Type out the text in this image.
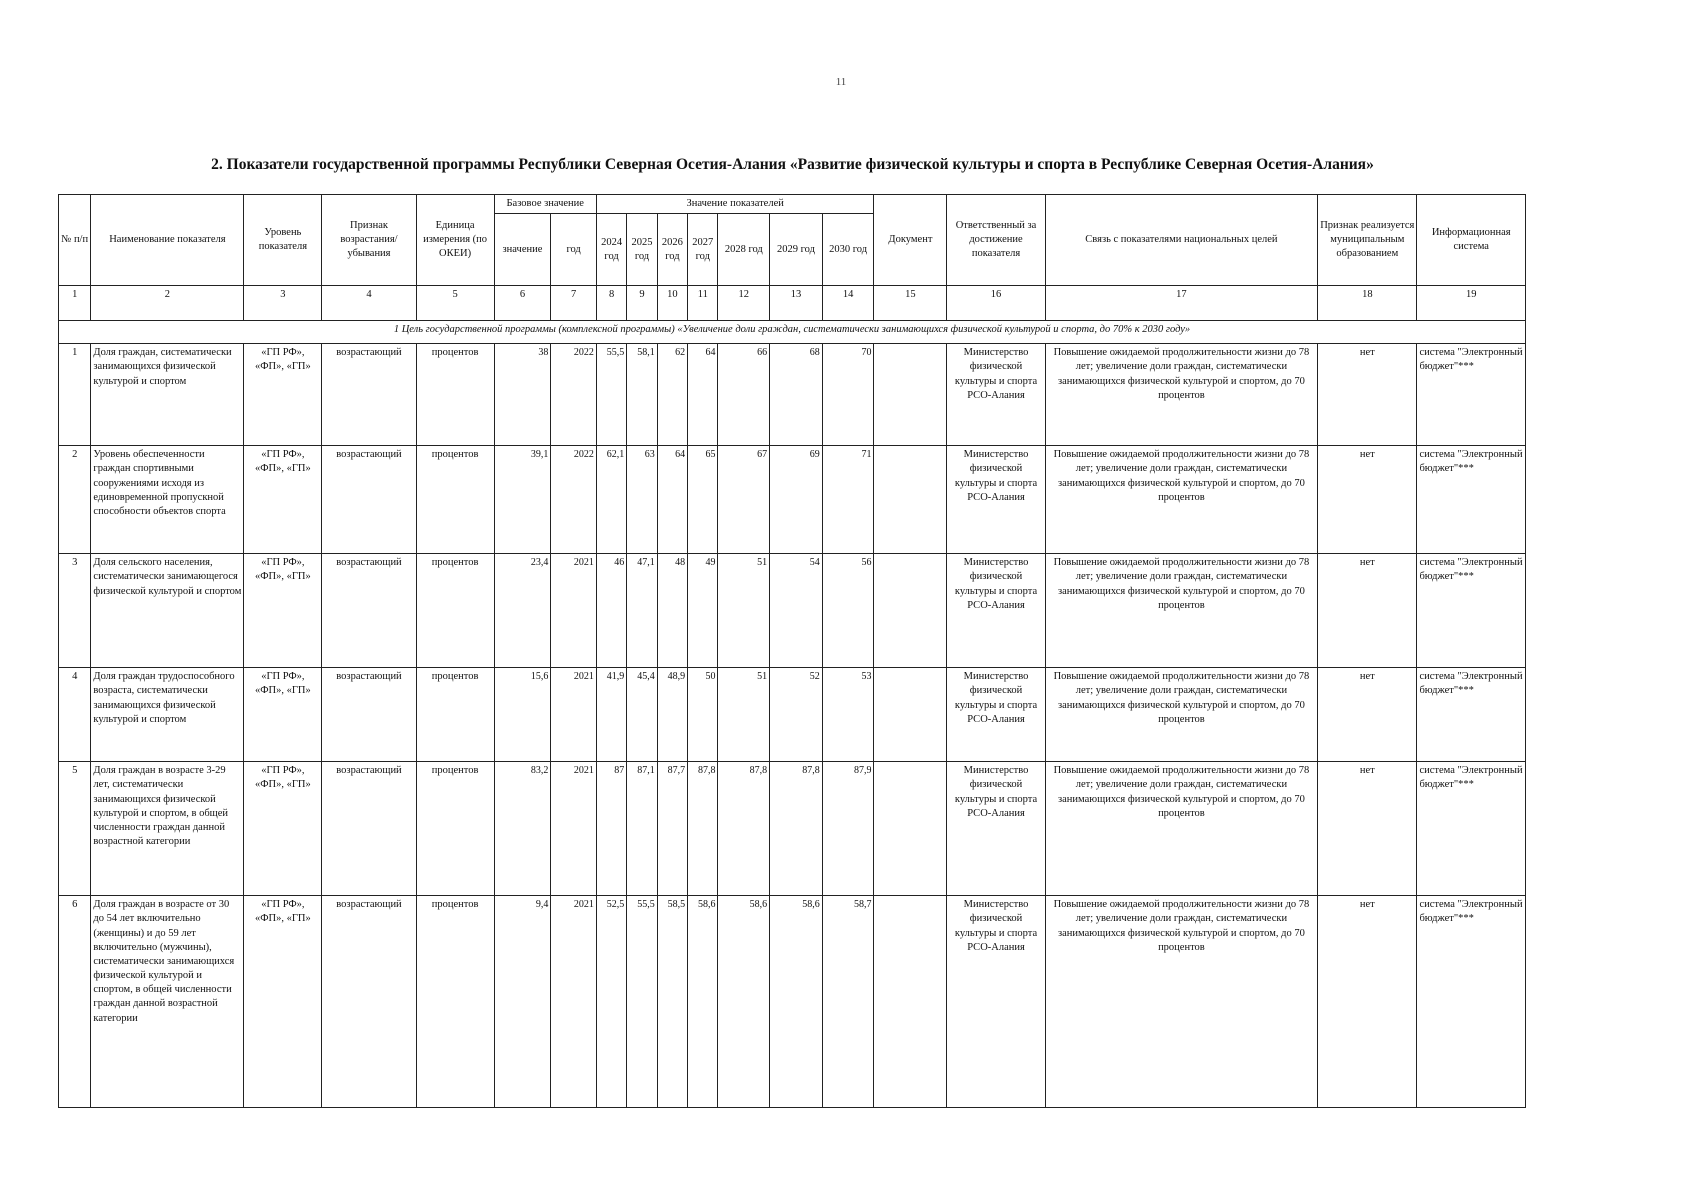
11
2. Показатели государственной программы Республики Северная Осетия-Алания «Развитие физической культуры и спорта в Республике Северная Осетия-Алания»
№ п/п	Наименование показателя	Уровень показателя	Признак возрастания/ убывания	Единица измерения (по ОКЕИ)	Базовое значение		Значение показателей							Документ	Ответственный за достижение показателя	Связь с показателями национальных целей	Признак реализуется муниципальным образованием	Информационная система
					значение	год	2024 год	2025 год	2026 год	2027 год	2028 год	2029 год	2030 год					
1	2	3	4	5	6	7	8	9	10	11	12	13	14	15	16	17	18	19
1 Цель государственной программы (комплексной программы) «Увеличение доли граждан, систематически занимающихся физической культурой и спорта, до 70% к 2030 году»																		
1	Доля граждан, систематически занимающихся физической культурой и спортом	«ГП РФ», «ФП», «ГП»	возрастающий	процентов	38	2022	55,5	58,1	62	64	66	68	70		Министерство физической культуры и спорта РСО-Алания	Повышение ожидаемой продолжительности жизни до 78 лет; увеличение доли граждан, систематически занимающихся физической культурой и спортом, до 70 процентов	нет	система "Электронный бюджет"***
2	Уровень обеспеченности граждан спортивными сооружениями исходя из единовременной пропускной способности объектов спорта	«ГП РФ», «ФП», «ГП»	возрастающий	процентов	39,1	2022	62,1	63	64	65	67	69	71		Министерство физической культуры и спорта РСО-Алания	Повышение ожидаемой продолжительности жизни до 78 лет; увеличение доли граждан, систематически занимающихся физической культурой и спортом, до 70 процентов	нет	система "Электронный бюджет"***
3	Доля сельского населения, систематически занимающегося физической культурой и спортом	«ГП РФ», «ФП», «ГП»	возрастающий	процентов	23,4	2021	46	47,1	48	49	51	54	56		Министерство физической культуры и спорта РСО-Алания	Повышение ожидаемой продолжительности жизни до 78 лет; увеличение доли граждан, систематически занимающихся физической культурой и спортом, до 70 процентов	нет	система "Электронный бюджет"***
4	Доля граждан трудоспособного возраста, систематически занимающихся физической культурой и спортом	«ГП РФ», «ФП», «ГП»	возрастающий	процентов	15,6	2021	41,9	45,4	48,9	50	51	52	53		Министерство физической культуры и спорта РСО-Алания	Повышение ожидаемой продолжительности жизни до 78 лет; увеличение доли граждан, систематически занимающихся физической культурой и спортом, до 70 процентов	нет	система "Электронный бюджет"***
5	Доля граждан в возрасте 3-29 лет, систематически занимающихся физической культурой и спортом, в общей численности граждан данной возрастной категории	«ГП РФ», «ФП», «ГП»	возрастающий	процентов	83,2	2021	87	87,1	87,7	87,8	87,8	87,8	87,9		Министерство физической культуры и спорта РСО-Алания	Повышение ожидаемой продолжительности жизни до 78 лет; увеличение доли граждан, систематически занимающихся физической культурой и спортом, до 70 процентов	нет	система "Электронный бюджет"***
6	Доля граждан в возрасте от 30 до 54 лет включительно (женщины) и до 59 лет включительно (мужчины), систематически занимающихся физической культурой и спортом, в общей численности граждан данной возрастной категории	«ГП РФ», «ФП», «ГП»	возрастающий	процентов	9,4	2021	52,5	55,5	58,5	58,6	58,6	58,6	58,7		Министерство физической культуры и спорта РСО-Алания	Повышение ожидаемой продолжительности жизни до 78 лет; увеличение доли граждан, систематически занимающихся физической культурой и спортом, до 70 процентов	нет	система "Электронный бюджет"***
